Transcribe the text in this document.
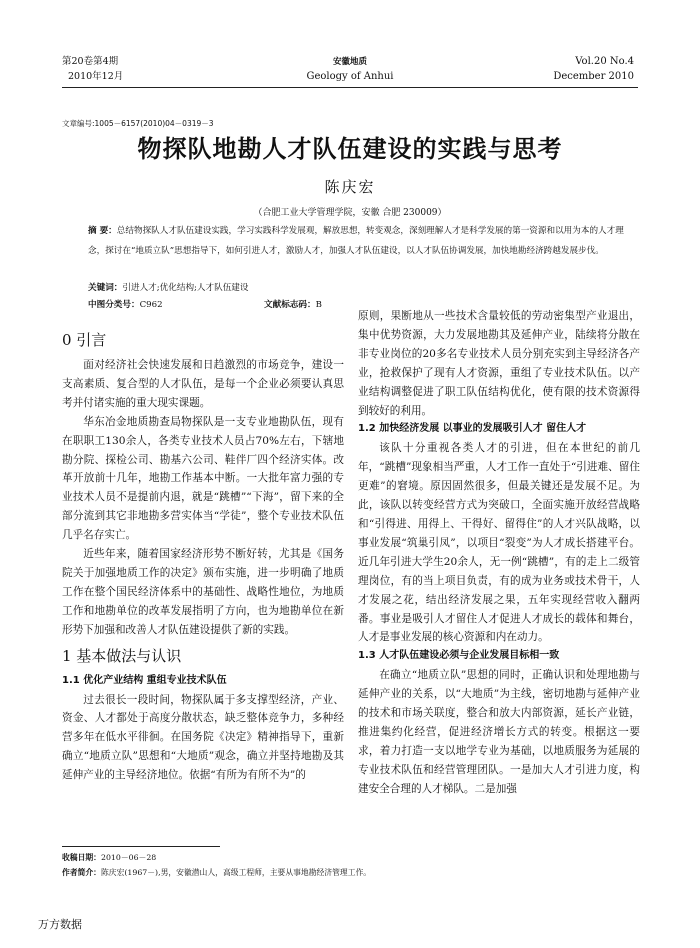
第20卷第4期
2010年12月
安徽地质
Geology of Anhui
Vol.20 No.4
December 2010
文章编号:1005－6157(2010)04－0319－3
物探队地勘人才队伍建设的实践与思考
陈庆宏
（合肥工业大学管理学院，安徽 合肥 230009）
摘 要：总结物探队人才队伍建设实践，学习实践科学发展观，解放思想，转变观念，深刻理解人才是科学发展的第一资源和以用为本的人才理念，探讨在“地质立队”思想指导下，如何引进人才，激励人才，加强人才队伍建设，以人才队伍协调发展，加快地勘经济跨越发展步伐。
关键词：引进人才;优化结构;人才队伍建设
中图分类号：C962	文献标志码：B
0 引言

面对经济社会快速发展和日趋激烈的市场竞争，建设一支高素质、复合型的人才队伍，是每一个企业必须要认真思考并付诸实施的重大现实课题。

华东冶金地质勘查局物探队是一支专业地勘队伍，现有在职职工130余人，各类专业技术人员占70%左右，下辖地勘分院、探检公司、勘基六公司、鞋伴厂四个经济实体。改革开放前十几年，地勘工作基本中断。一大批年富力强的专业技术人员不是提前内退，就是“跳槽”“下海”，留下来的全部分流到其它非地勘多营实体当“学徒”，整个专业技术队伍几乎名存实亡。

近些年来，随着国家经济形势不断好转，尤其是《国务院关于加强地质工作的决定》颁布实施，进一步明确了地质工作在整个国民经济体系中的基础性、战略性地位，为地质工作和地勘单位的改革发展指明了方向，也为地勘单位在新形势下加强和改善人才队伍建设提供了新的实践。

1 基本做法与认识
1.1 优化产业结构 重组专业技术队伍

过去很长一段时间，物探队属于多支撑型经济，产业、资金、人才都处于高度分散状态，缺乏整体竞争力，多种经营多年在低水平徘徊。在国务院《决定》精神指导下，重新确立“地质立队”思想和“大地质”观念，确立并坚持地勘及其延伸产业的主导经济地位。依据“有所为有所不为”的

原则，果断地从一些技术含量较低的劳动密集型产业退出，集中优势资源，大力发展地勘其及延伸产业，陆续将分散在非专业岗位的20多名专业技术人员分别充实到主导经济各产业，抢救保护了现有人才资源，重组了专业技术队伍。以产业结构调整促进了职工队伍结构优化，使有限的技术资源得到较好的利用。

1.2 加快经济发展 以事业的发展吸引人才 留住人才

该队十分重视各类人才的引进，但在本世纪的前几年，“跳槽”现象相当严重，人才工作一直处于“引进难、留住更难”的窘境。原因固然很多，但最关键还是发展不足。为此，该队以转变经营方式为突破口，全面实施开放经营战略和“引得进、用得上、干得好、留得住”的人才兴队战略，以事业发展“筑巢引凤”，以项目“裂变”为人才成长搭建平台。近几年引进大学生20余人，无一例“跳槽”，有的走上二级管理岗位，有的当上项目负责，有的成为业务或技术骨干，人才发展之花，结出经济发展之果，五年实现经营收入翻两番。事业是吸引人才留住人才促进人才成长的载体和舞台，人才是事业发展的核心资源和内在动力。

1.3 人才队伍建设必须与企业发展目标相一致

在确立“地质立队”思想的同时，正确认识和处理地勘与延伸产业的关系，以“大地质”为主线，密切地勘与延伸产业的技术和市场关联度，整合和放大内部资源，延长产业链，推进集约化经营，促进经济增长方式的转变。根据这一要求，着力打造一支以地学专业为基础，以地质服务为延展的专业技术队伍和经营管理团队。一是加大人才引进力度，构建安全合理的人才梯队。二是加强

收稿日期：2010－06－28
作者简介：陈庆宏(1967－),男，安徽潜山人，高级工程师，主要从事地勘经济管理工作。
万方数据
